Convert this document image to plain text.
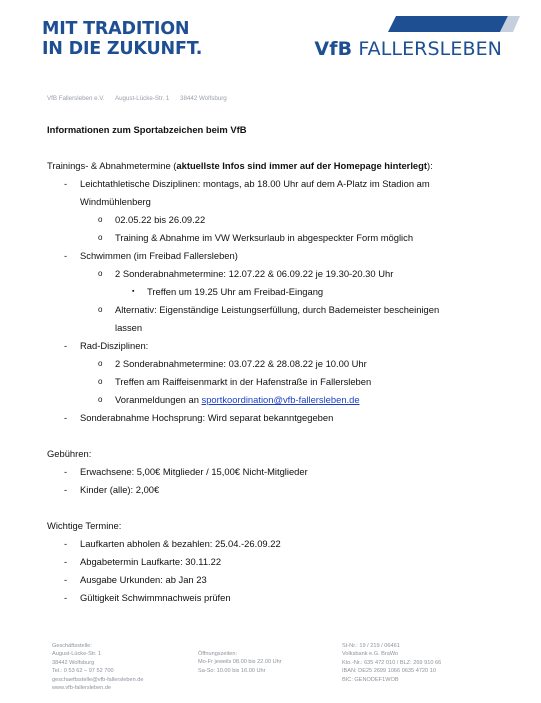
MIT TRADITION
IN DIE ZUKUNFT.	VfB FALLERSLEBEN
VfB Fallersleben e.V. August-Lücke-Str. 1 38442 Wolfsburg
Informationen zum Sportabzeichen beim VfB
Trainings- & Abnahmetermine (aktuellste Infos sind immer auf der Homepage hinterlegt):
- Leichtathletische Disziplinen: montags, ab 18.00 Uhr auf dem A-Platz im Stadion am
Windmühlenberg
o 02.05.22 bis 26.09.22
o Training & Abnahme im VW Werksurlaub in abgespeckter Form möglich
- Schwimmen (im Freibad Fallersleben)
o 2 Sonderabnahmetermine: 12.07.22 & 06.09.22 je 19.30-20.30 Uhr
▪ Treffen um 19.25 Uhr am Freibad-Eingang
o Alternativ: Eigenständige Leistungserfüllung, durch Bademeister bescheinigen
lassen
- Rad-Disziplinen:
o 2 Sonderabnahmetermine: 03.07.22 & 28.08.22 je 10.00 Uhr
o Treffen am Raiffeisenmarkt in der Hafenstraße in Fallersleben
o Voranmeldungen an sportkoordination@vfb-fallersleben.de
- Sonderabnahme Hochsprung: Wird separat bekanntgegeben
Gebühren:
- Erwachsene: 5,00€ Mitglieder / 15,00€ Nicht-Mitglieder
- Kinder (alle): 2,00€
Wichtige Termine:
- Laufkarten abholen & bezahlen: 25.04.-26.09.22
- Abgabetermin Laufkarte: 30.11.22
- Ausgabe Urkunden: ab Jan 23
- Gültigkeit Schwimmnachweis prüfen
Geschäftsstelle:
August-Lücke-Str. 1
38442 Wolfsburg
Tel.: 0 53 62 – 97 52 700
geschaeftsstelle@vfb-fallersleben.de
www.vfb-fallersleben.de
Öffnungszeiten:
Mo-Fr jeweils 08.00 bis 22.00 Uhr
Sa-So: 10.00 bis 16.00 Uhr
St-Nr.: 19 / 219 / 06461
Volksbank e.G. BraWo
Kto.-Nr.: 635 472 010 / BLZ: 269 910 66
IBAN: DE25 2699 1066 0635 4720 10
BIC: GENODEF1WOB
